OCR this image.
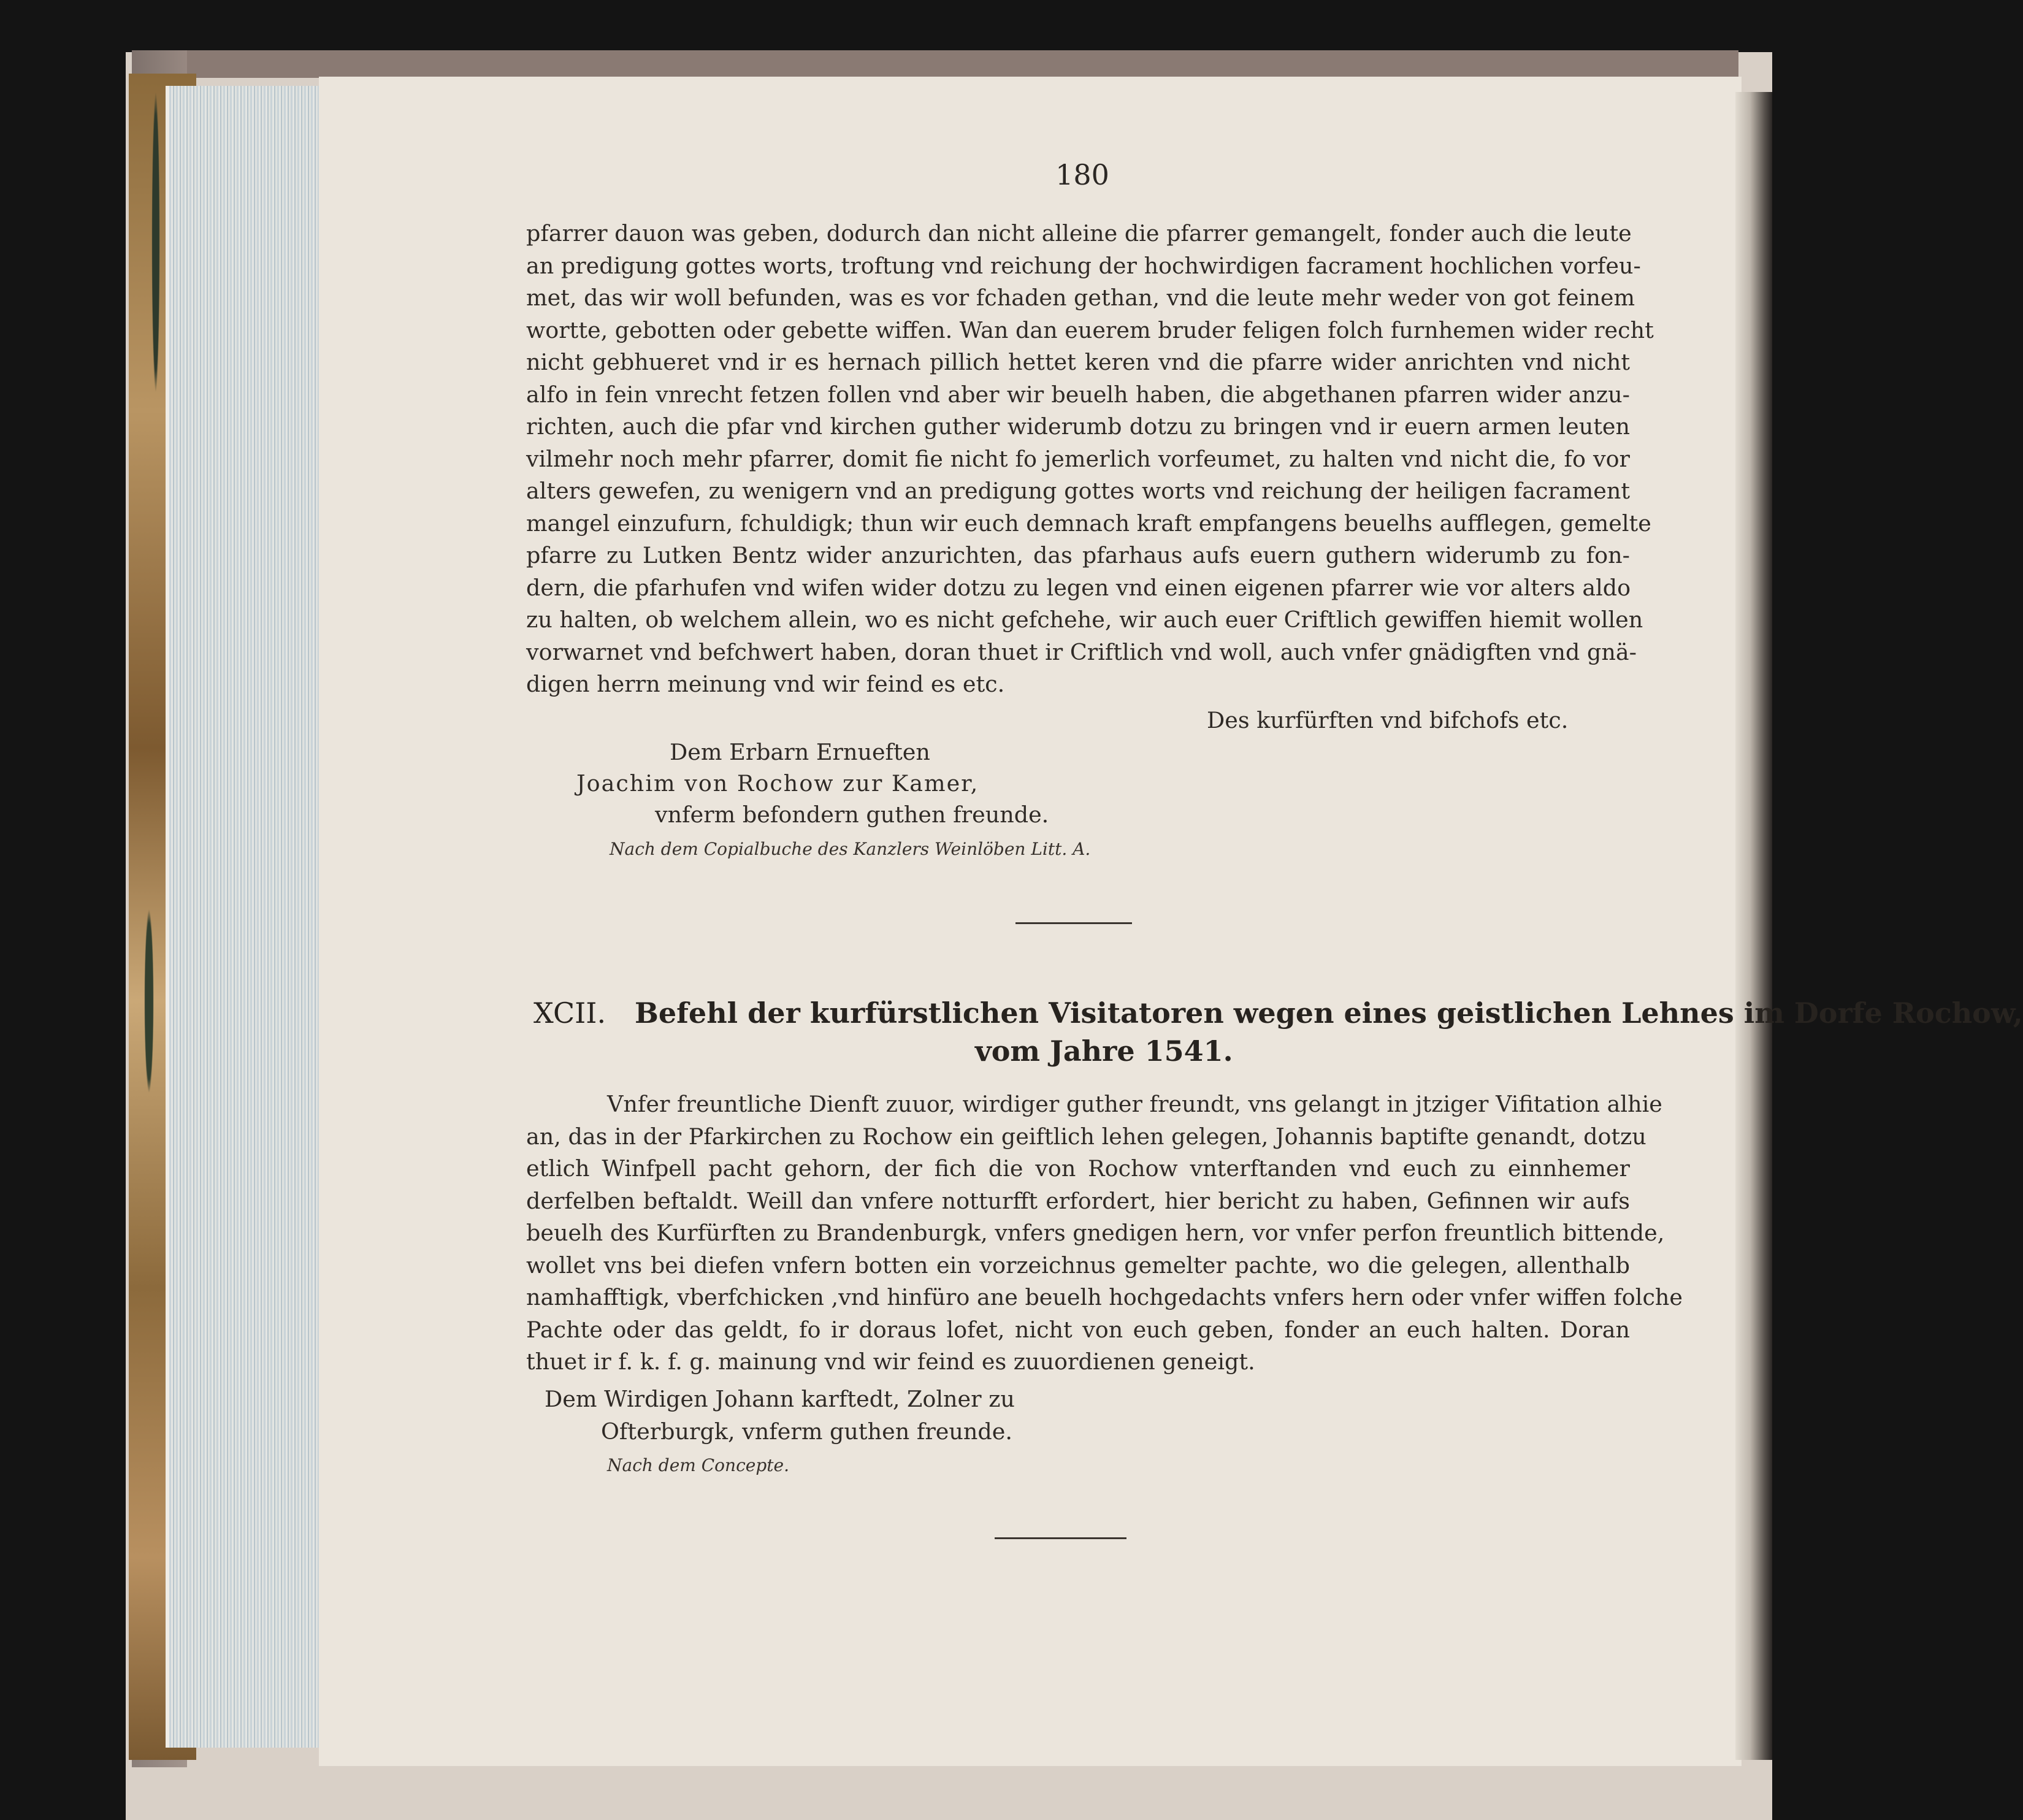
180
pfarrer dauon was geben, dodurch dan nicht alleine die pfarrer gemangelt, fonder auch die leute
an predigung gottes worts, troftung vnd reichung der hochwirdigen facrament hochlichen vorfeu-
met, das wir woll befunden, was es vor fchaden gethan, vnd die leute mehr weder von got feinem
wortte, gebotten oder gebette wiffen. Wan dan euerem bruder feligen folch furnhemen wider recht
nicht gebhueret vnd ir es hernach pillich hettet keren vnd die pfarre wider anrichten vnd nicht
alfo in fein vnrecht fetzen follen vnd aber wir beuelh haben, die abgethanen pfarren wider anzu-
richten, auch die pfar vnd kirchen guther widerumb dotzu zu bringen vnd ir euern armen leuten
vilmehr noch mehr pfarrer, domit fie nicht fo jemerlich vorfeumet, zu halten vnd nicht die, fo vor
alters gewefen, zu wenigern vnd an predigung gottes worts vnd reichung der heiligen facrament
mangel einzufurn, fchuldigk; thun wir euch demnach kraft empfangens beuelhs aufflegen, gemelte
pfarre zu Lutken Bentz wider anzurichten, das pfarhaus aufs euern guthern widerumb zu fon-
dern, die pfarhufen vnd wifen wider dotzu zu legen vnd einen eigenen pfarrer wie vor alters aldo
zu halten, ob welchem allein, wo es nicht gefchehe, wir auch euer Criftlich gewiffen hiemit wollen
vorwarnet vnd befchwert haben, doran thuet ir Criftlich vnd woll, auch vnfer gnädigften vnd gnä-
digen herrn meinung vnd wir feind es etc.
Des kurfürften vnd bifchofs etc.
Dem Erbarn Ernueften
Joachim von Rochow zur Kamer,
vnferm befondern guthen freunde.
Nach dem Copialbuche des Kanzlers Weinlöben Litt. A.
XCII. Befehl der kurfürstlichen Visitatoren wegen eines geistlichen Lehnes im Dorfe Rochow,
vom Jahre 1541.
Vnfer freuntliche Dienft zuuor, wirdiger guther freundt, vns gelangt in jtziger Vifitation alhie
an, das in der Pfarkirchen zu Rochow ein geiftlich lehen gelegen, Johannis baptifte genandt, dotzu
etlich Winfpell pacht gehorn, der fich die von Rochow vnterftanden vnd euch zu einnhemer
derfelben beftaldt. Weill dan vnfere notturfft erfordert, hier bericht zu haben, Gefinnen wir aufs
beuelh des Kurfürften zu Brandenburgk, vnfers gnedigen hern, vor vnfer perfon freuntlich bittende,
wollet vns bei diefen vnfern botten ein vorzeichnus gemelter pachte, wo die gelegen, allenthalb
namhafftigk, vberfchicken ,vnd hinfüro ane beuelh hochgedachts vnfers hern oder vnfer wiffen folche
Pachte oder das geldt, fo ir doraus lofet, nicht von euch geben, fonder an euch halten. Doran
thuet ir f. k. f. g. mainung vnd wir feind es zuuordienen geneigt.
Dem Wirdigen Johann karftedt, Zolner zu
Ofterburgk, vnferm guthen freunde.
Nach dem Concepte.
